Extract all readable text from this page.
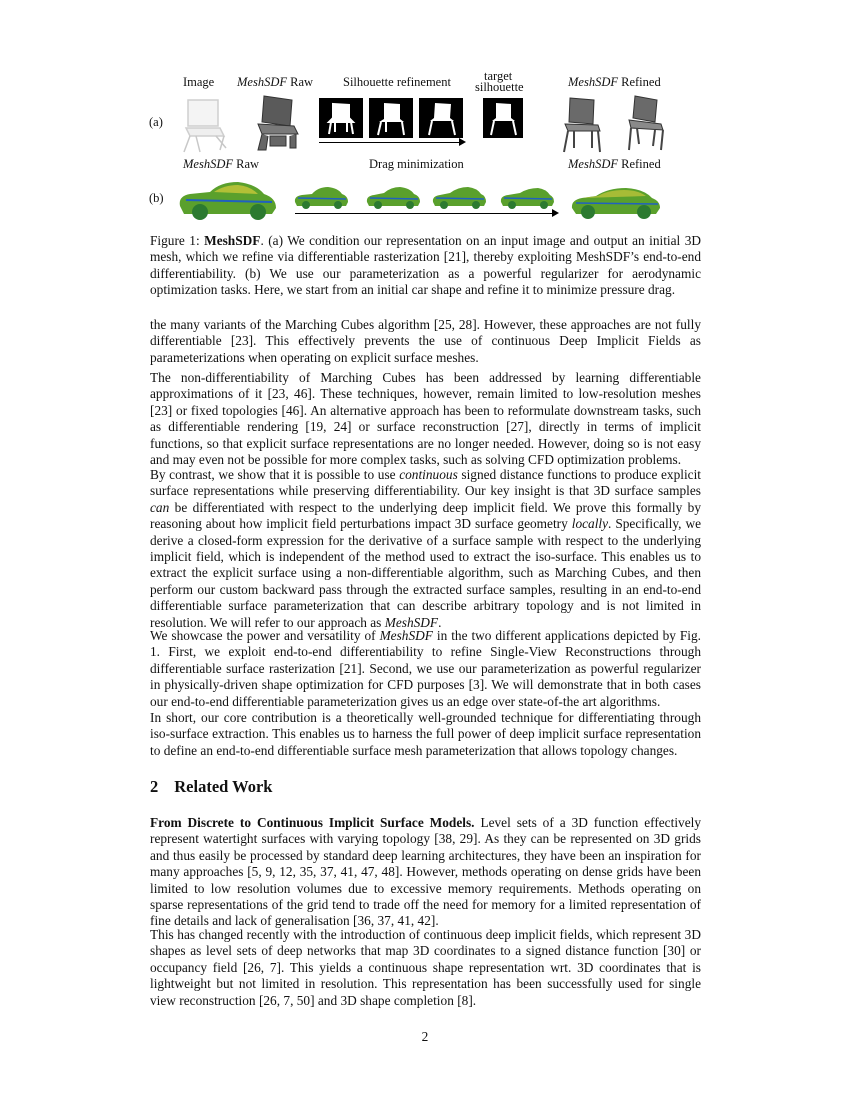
Image MeshSDF Raw Silhouette refinement	target
silhouette	MeshSDF Refined
(a)
MeshSDF Raw	Drag minimization	MeshSDF Refined
(b)
Figure 1: MeshSDF. (a) We condition our representation on an input image and output an initial 3D mesh, which we refine via differentiable rasterization [21], thereby exploiting MeshSDF’s end-to-end differentiability. (b) We use our parameterization as a powerful regularizer for aerodynamic optimization tasks. Here, we start from an initial car shape and refine it to minimize pressure drag.

the many variants of the Marching Cubes algorithm [25, 28]. However, these approaches are not fully differentiable [23]. This effectively prevents the use of continuous Deep Implicit Fields as parameterizations when operating on explicit surface meshes.

The non-differentiability of Marching Cubes has been addressed by learning differentiable approximations of it [23, 46]. These techniques, however, remain limited to low-resolution meshes [23] or fixed topologies [46]. An alternative approach has been to reformulate downstream tasks, such as differentiable rendering [19, 24] or surface reconstruction [27], directly in terms of implicit functions, so that explicit surface representations are no longer needed. However, doing so is not easy and may even not be possible for more complex tasks, such as solving CFD optimization problems.

By contrast, we show that it is possible to use continuous signed distance functions to produce explicit surface representations while preserving differentiability. Our key insight is that 3D surface samples can be differentiated with respect to the underlying deep implicit field. We prove this formally by reasoning about how implicit field perturbations impact 3D surface geometry locally. Specifically, we derive a closed-form expression for the derivative of a surface sample with respect to the underlying implicit field, which is independent of the method used to extract the iso-surface. This enables us to extract the explicit surface using a non-differentiable algorithm, such as Marching Cubes, and then perform our custom backward pass through the extracted surface samples, resulting in an end-to-end differentiable surface parameterization that can describe arbitrary topology and is not limited in resolution. We will refer to our approach as MeshSDF.

We showcase the power and versatility of MeshSDF in the two different applications depicted by Fig. 1. First, we exploit end-to-end differentiability to refine Single-View Reconstructions through differentiable surface rasterization [21]. Second, we use our parameterization as powerful regularizer in physically-driven shape optimization for CFD purposes [3]. We will demonstrate that in both cases our end-to-end differentiable parameterization gives us an edge over state-of-the art algorithms.

In short, our core contribution is a theoretically well-grounded technique for differentiating through iso-surface extraction. This enables us to harness the full power of deep implicit surface representation to define an end-to-end differentiable surface mesh parameterization that allows topology changes.

2 Related Work

From Discrete to Continuous Implicit Surface Models. Level sets of a 3D function effectively represent watertight surfaces with varying topology [38, 29]. As they can be represented on 3D grids and thus easily be processed by standard deep learning architectures, they have been an inspiration for many approaches [5, 9, 12, 35, 37, 41, 47, 48]. However, methods operating on dense grids have been limited to low resolution volumes due to excessive memory requirements. Methods operating on sparse representations of the grid tend to trade off the need for memory for a limited representation of fine details and lack of generalisation [36, 37, 41, 42].

This has changed recently with the introduction of continuous deep implicit fields, which represent 3D shapes as level sets of deep networks that map 3D coordinates to a signed distance function [30] or occupancy field [26, 7]. This yields a continuous shape representation wrt. 3D coordinates that is lightweight but not limited in resolution. This representation has been successfully used for single view reconstruction [26, 7, 50] and 3D shape completion [8].

2
